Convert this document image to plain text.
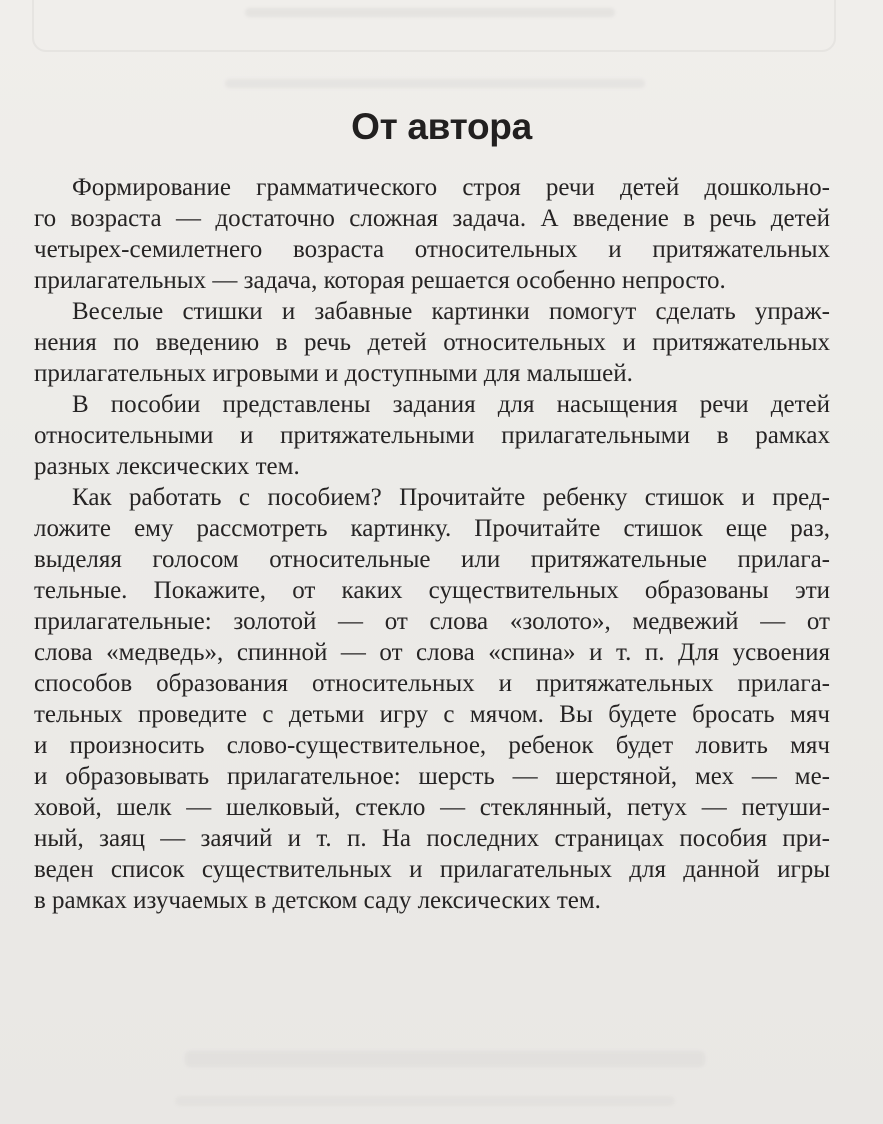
От автора
Формирование грамматического строя речи детей дошкольно-
го возраста — достаточно сложная задача. А введение в речь детей
четырех-семилетнего возраста относительных и притяжательных
прилагательных — задача, которая решается особенно непросто.
Веселые стишки и забавные картинки помогут сделать упраж-
нения по введению в речь детей относительных и притяжательных
прилагательных игровыми и доступными для малышей.
В пособии представлены задания для насыщения речи детей
относительными и притяжательными прилагательными в рамках
разных лексических тем.
Как работать с пособием? Прочитайте ребенку стишок и пред-
ложите ему рассмотреть картинку. Прочитайте стишок еще раз,
выделяя голосом относительные или притяжательные прилага-
тельные. Покажите, от каких существительных образованы эти
прилагательные: золотой — от слова «золото», медвежий — от
слова «медведь», спинной — от слова «спина» и т. п. Для усвоения
способов образования относительных и притяжательных прилага-
тельных проведите с детьми игру с мячом. Вы будете бросать мяч
и произносить слово-существительное, ребенок будет ловить мяч
и образовывать прилагательное: шерсть — шерстяной, мех — ме-
ховой, шелк — шелковый, стекло — стеклянный, петух — петуши-
ный, заяц — заячий и т. п. На последних страницах пособия при-
веден список существительных и прилагательных для данной игры
в рамках изучаемых в детском саду лексических тем.
